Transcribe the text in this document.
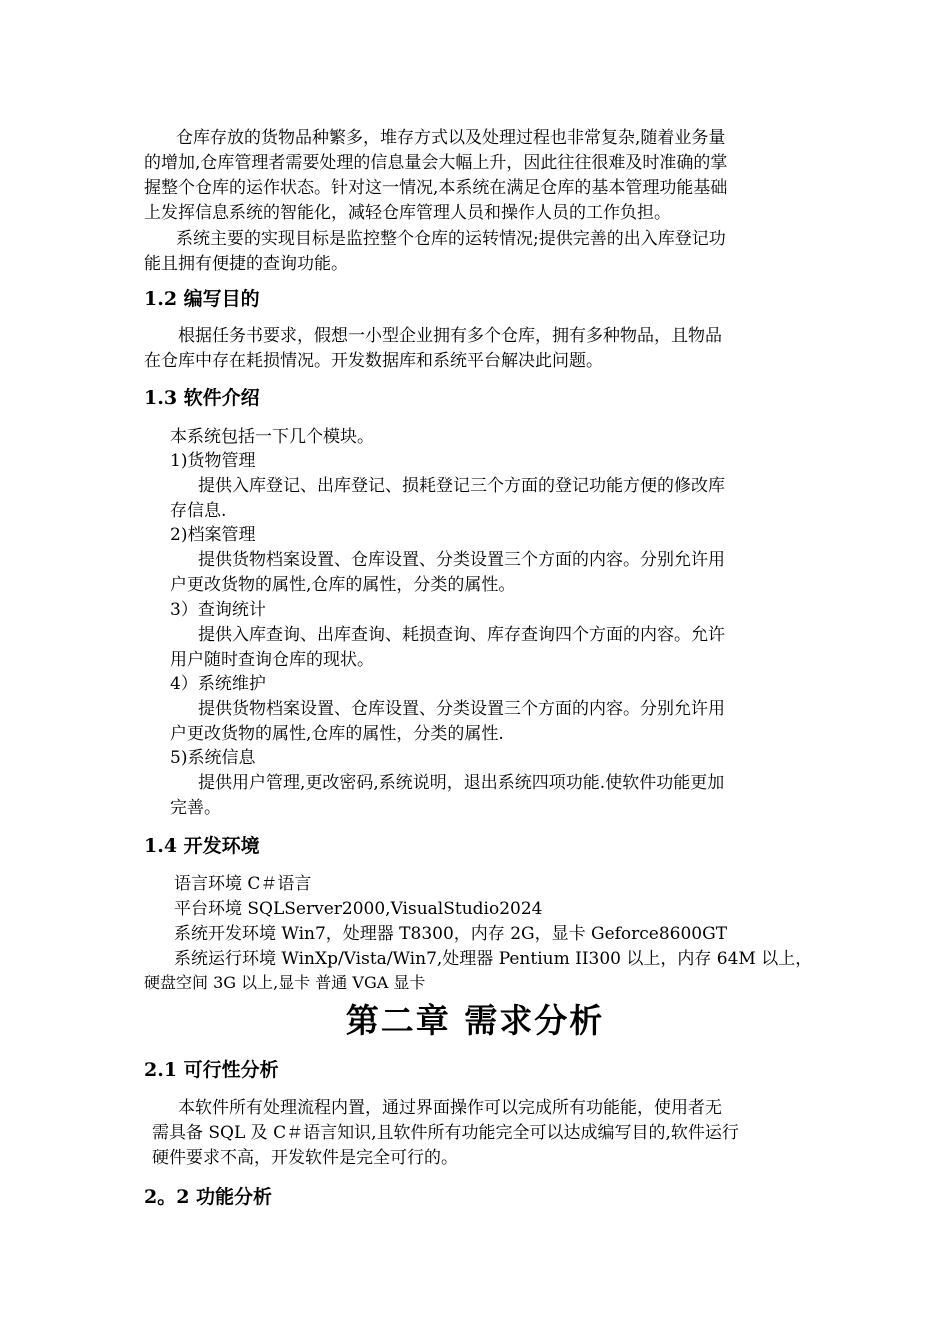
仓库存放的货物品种繁多，堆存方式以及处理过程也非常复杂,随着业务量
的增加,仓库管理者需要处理的信息量会大幅上升，因此往往很难及时准确的掌
握整个仓库的运作状态。针对这一情况,本系统在满足仓库的基本管理功能基础
上发挥信息系统的智能化，减轻仓库管理人员和操作人员的工作负担。
系统主要的实现目标是监控整个仓库的运转情况;提供完善的出入库登记功
能且拥有便捷的查询功能。
1.2 编写目的
根据任务书要求，假想一小型企业拥有多个仓库，拥有多种物品，且物品
在仓库中存在耗损情况。开发数据库和系统平台解决此问题。
1.3 软件介绍
本系统包括一下几个模块。
1)货物管理
提供入库登记、出库登记、损耗登记三个方面的登记功能方便的修改库
存信息.
2)档案管理
提供货物档案设置、仓库设置、分类设置三个方面的内容。分别允许用
户更改货物的属性,仓库的属性，分类的属性。
3）查询统计
提供入库查询、出库查询、耗损查询、库存查询四个方面的内容。允许
用户随时查询仓库的现状。
4）系统维护
提供货物档案设置、仓库设置、分类设置三个方面的内容。分别允许用
户更改货物的属性,仓库的属性，分类的属性.
5)系统信息
提供用户管理,更改密码,系统说明，退出系统四项功能.使软件功能更加
完善。
1.4 开发环境
语言环境 C＃语言
平台环境 SQLServer2000,VisualStudio2024
系统开发环境 Win7，处理器 T8300，内存 2G，显卡 Geforce8600GT
系统运行环境 WinXp/Vista/Win7,处理器 Pentium II300 以上，内存 64M 以上，
硬盘空间 3G 以上,显卡 普通 VGA 显卡
第二章 需求分析
2.1 可行性分析
本软件所有处理流程内置，通过界面操作可以完成所有功能能，使用者无
需具备 SQL 及 C＃语言知识,且软件所有功能完全可以达成编写目的,软件运行
硬件要求不高，开发软件是完全可行的。
2。2 功能分析
